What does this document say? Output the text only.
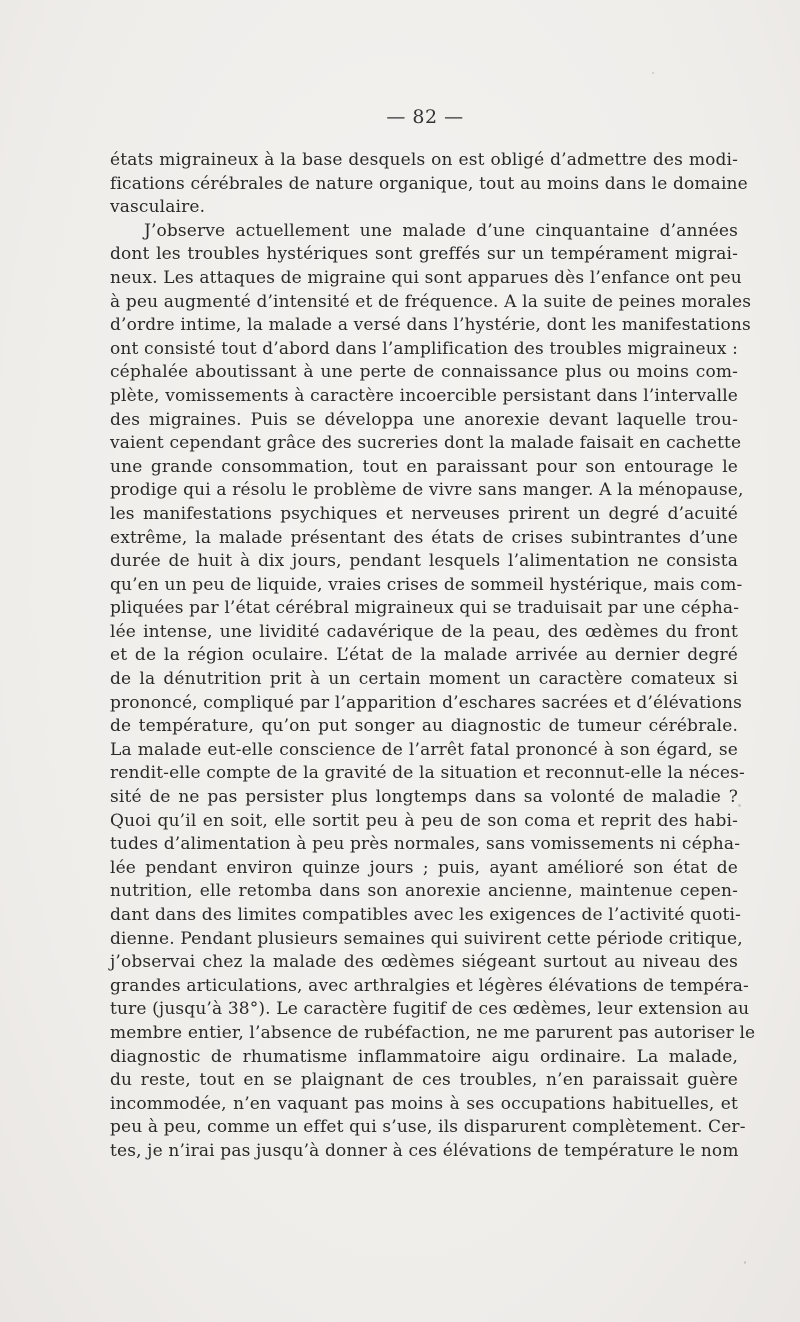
— 82 —
états migraineux à la base desquels on est obligé d’admettre des modi-
fications cérébrales de nature organique, tout au moins dans le domaine
vasculaire.
J’observe actuellement une malade d’une cinquantaine d’années
dont les troubles hystériques sont greffés sur un tempérament migrai-
neux. Les attaques de migraine qui sont apparues dès l’enfance ont peu
à peu augmenté d’intensité et de fréquence. A la suite de peines morales
d’ordre intime, la malade a versé dans l’hystérie, dont les manifestations
ont consisté tout d’abord dans l’amplification des troubles migraineux :
céphalée aboutissant à une perte de connaissance plus ou moins com-
plète, vomissements à caractère incoercible persistant dans l’intervalle
des migraines. Puis se développa une anorexie devant laquelle trou-
vaient cependant grâce des sucreries dont la malade faisait en cachette
une grande consommation, tout en paraissant pour son entourage le
prodige qui a résolu le problème de vivre sans manger. A la ménopause,
les manifestations psychiques et nerveuses prirent un degré d’acuité
extrême, la malade présentant des états de crises subintrantes d’une
durée de huit à dix jours, pendant lesquels l’alimentation ne consista
qu’en un peu de liquide, vraies crises de sommeil hystérique, mais com-
pliquées par l’état cérébral migraineux qui se traduisait par une cépha-
lée intense, une lividité cadavérique de la peau, des œdèmes du front
et de la région oculaire. L’état de la malade arrivée au dernier degré
de la dénutrition prit à un certain moment un caractère comateux si
prononcé, compliqué par l’apparition d’eschares sacrées et d’élévations
de température, qu’on put songer au diagnostic de tumeur cérébrale.
La malade eut-elle conscience de l’arrêt fatal prononcé à son égard, se
rendit-elle compte de la gravité de la situation et reconnut-elle la néces-
sité de ne pas persister plus longtemps dans sa volonté de maladie ?
Quoi qu’il en soit, elle sortit peu à peu de son coma et reprit des habi-
tudes d’alimentation à peu près normales, sans vomissements ni cépha-
lée pendant environ quinze jours ; puis, ayant amélioré son état de
nutrition, elle retomba dans son anorexie ancienne, maintenue cepen-
dant dans des limites compatibles avec les exigences de l’activité quoti-
dienne. Pendant plusieurs semaines qui suivirent cette période critique,
j’observai chez la malade des œdèmes siégeant surtout au niveau des
grandes articulations, avec arthralgies et légères élévations de tempéra-
ture (jusqu’à 38°). Le caractère fugitif de ces œdèmes, leur extension au
membre entier, l’absence de rubéfaction, ne me parurent pas autoriser le
diagnostic de rhumatisme inflammatoire aigu ordinaire. La malade,
du reste, tout en se plaignant de ces troubles, n’en paraissait guère
incommodée, n’en vaquant pas moins à ses occupations habituelles, et
peu à peu, comme un effet qui s’use, ils disparurent complètement. Cer-
tes, je n’irai pas jusqu’à donner à ces élévations de température le nom
